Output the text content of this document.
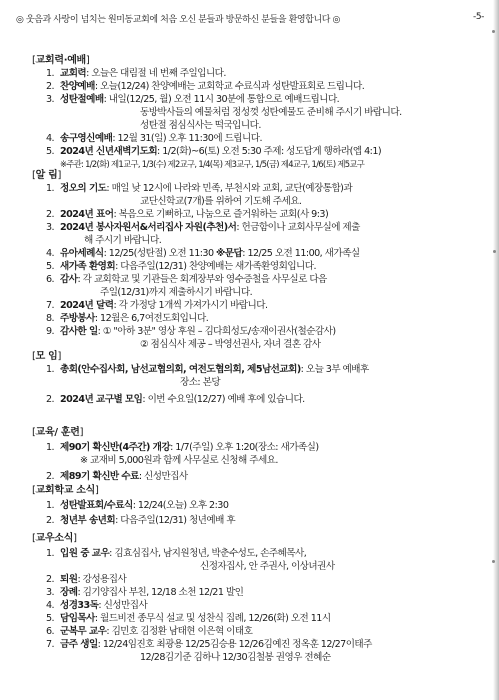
◎ 웃음과 사랑이 넘치는 원미동교회에 처음 오신 분들과 방문하신 분들을 환영합니다 ◎	-5-
[교회력·예배]
1. 교회력: 오늘은 대림절 네 번째 주일입니다.
2. 찬양예배: 오늘(12/24) 찬양예배는 교회학교 수료식과 성탄발표회로 드립니다.
3. 성탄절예배: 내일(12/25, 월) 오전 11시 30분에 통합으로 예배드립니다.
동방박사들의 예물처럼 정성껏 성탄예물도 준비해 주시기 바랍니다.
성탄절 점심식사는 떡국입니다.
4. 송구영신예배: 12월 31(일) 오후 11:30에 드립니다.
5. 2024년 신년새벽기도회: 1/2(화)~6(토) 오전 5:30 주제: 성도답게 행하라(엡 4:1)
※주관: 1/2(화) 제1교구, 1/3(수) 제2교구, 1/4(목) 제3교구, 1/5(금) 제4교구, 1/6(토) 제5교구
[알 림]
1. 정오의 기도: 매일 낮 12시에 나라와 민족, 부천시와 교회, 교단(예장통합)과
교단신학교(7개)를 위하여 기도해 주세요.
2. 2024년 표어: 복음으로 기뻐하고, 나눔으로 즐거워하는 교회(사 9:3)
3. 2024년 봉사자원서&서리집사 자원(추천)서: 헌금함이나 교회사무실에 제출
해 주시기 바랍니다.
4. 유아세례식: 12/25(성탄절) 오전 11:30 ※문답: 12/25 오전 11:00, 새가족실
5. 새가족 환영회: 다음주일(12/31) 찬양예배는 새가족환영회입니다.
6. 감사: 각 교회학교 및 기관들은 회계장부와 영수증철을 사무실로 다음
주일(12/31)까지 제출하시기 바랍니다.
7. 2024년 달력: 각 가정당 1개씩 가져가시기 바랍니다.
8. 주방봉사: 12월은 6,7여전도회입니다.
9. 감사한 일: ① "아하 3분" 영상 후원 – 김다희성도/송재이권사(철순감사)
② 점심식사 제공 – 박영선권사, 자녀 결혼 감사
[모 임]
1. 총회(안수집사회, 남선교협의회, 여전도협의회, 제5남선교회): 오늘 3부 예배후
장소: 본당
2. 2024년 교구별 모임: 이번 수요일(12/27) 예배 후에 있습니다.
[교육/ 훈련]
1. 제90기 확신반(4주간) 개강: 1/7(주일) 오후 1:20(장소: 새가족실)
※ 교재비 5,000원과 함께 사무실로 신청해 주세요.
2. 제89기 확신반 수료: 신성만집사
[교회학교 소식]
1. 성탄발표회/수료식: 12/24(오늘) 오후 2:30
2. 청년부 송년회: 다음주일(12/31) 청년예배 후
[교우소식]
1. 입원 중 교우: 김효심집사, 남지원청년, 박춘수성도, 손주혜목사,
신정자집사, 안 주권사, 이상녀권사
2. 퇴원: 강성용집사
3. 장례: 김기양집사 부친, 12/18 소천 12/21 발인
4. 성경33독: 신성만집사
5. 담임목사: 월드비전 종무식 설교 및 성찬식 집례, 12/26(화) 오전 11시
6. 군복무 교우: 김민호 김정환 남태현 이은혁 이태호
7. 금주 생일: 12/24임진호 최광용 12/25김승용 12/26김예진 정옥훈 12/27이태주
12/28김기준 김하나 12/30김철봉 권영우 전혜순
